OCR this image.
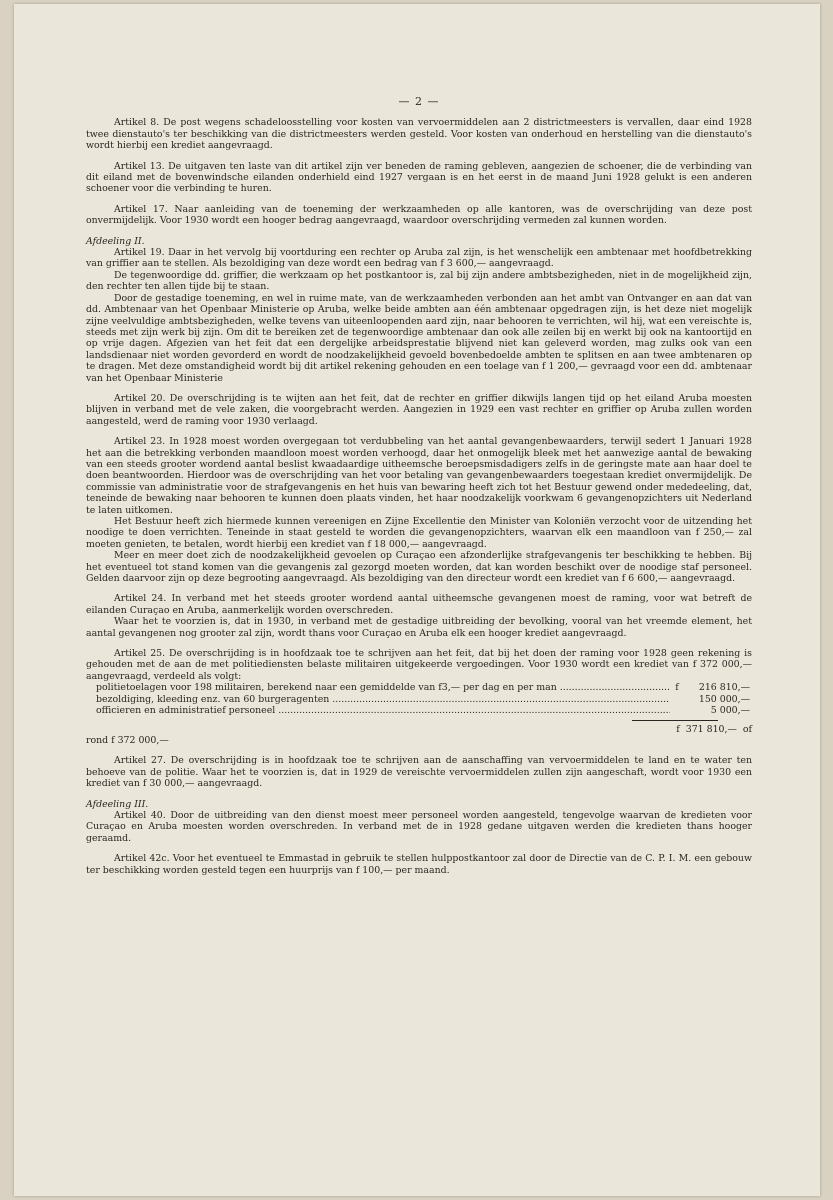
— 2 —

Artikel 8. De post wegens schadeloosstelling voor kosten van vervoermiddelen aan 2 districtmeesters is vervallen, daar eind 1928 twee dienstauto's ter beschikking van die districtmeesters werden gesteld. Voor kosten van onderhoud en herstelling van die dienstauto's wordt hierbij een krediet aangevraagd.

Artikel 13. De uitgaven ten laste van dit artikel zijn ver beneden de raming gebleven, aangezien de schoener, die de verbinding van dit eiland met de bovenwindsche eilanden onderhield eind 1927 vergaan is en het eerst in de maand Juni 1928 gelukt is een anderen schoener voor die verbinding te huren.

Artikel 17. Naar aanleiding van de toeneming der werkzaamheden op alle kantoren, was de overschrijding van deze post onvermijdelijk. Voor 1930 wordt een hooger bedrag aangevraagd, waardoor overschrijding vermeden zal kunnen worden.

Afdeeling II.

Artikel 19. Daar in het vervolg bij voortduring een rechter op Aruba zal zijn, is het wenschelijk een ambtenaar met hoofdbetrekking van griffier aan te stellen. Als bezoldiging van deze wordt een bedrag van f 3 600,— aangevraagd.

De tegenwoordige dd. griffier, die werkzaam op het postkantoor is, zal bij zijn andere ambtsbezigheden, niet in de mogelijkheid zijn, den rechter ten allen tijde bij te staan.

Door de gestadige toeneming, en wel in ruime mate, van de werkzaamheden verbonden aan het ambt van Ontvanger en aan dat van dd. Ambtenaar van het Openbaar Ministerie op Aruba, welke beide ambten aan één ambtenaar opgedragen zijn, is het deze niet mogelijk zijne veelvuldige ambtsbezigheden, welke tevens van uiteenloopenden aard zijn, naar behooren te verrichten, wil hij, wat een vereischte is, steeds met zijn werk bij zijn. Om dit te bereiken zet de tegenwoordige ambtenaar dan ook alle zeilen bij en werkt bij ook na kantoortijd en op vrije dagen. Afgezien van het feit dat een dergelijke arbeidsprestatie blijvend niet kan geleverd worden, mag zulks ook van een landsdienaar niet worden gevorderd en wordt de noodzakelijkheid gevoeld bovenbedoelde ambten te splitsen en aan twee ambtenaren op te dragen. Met deze omstandigheid wordt bij dit artikel rekening gehouden en een toelage van f 1 200,— gevraagd voor een dd. ambtenaar van het Openbaar Ministerie

Artikel 20. De overschrijding is te wijten aan het feit, dat de rechter en griffier dikwijls langen tijd op het eiland Aruba moesten blijven in verband met de vele zaken, die voorgebracht werden. Aangezien in 1929 een vast rechter en griffier op Aruba zullen worden aangesteld, werd de raming voor 1930 verlaagd.

Artikel 23. In 1928 moest worden overgegaan tot verdubbeling van het aantal gevangenbewaarders, terwijl sedert 1 Januari 1928 het aan die betrekking verbonden maandloon moest worden verhoogd, daar het onmogelijk bleek met het aanwezige aantal de bewaking van een steeds grooter wordend aantal beslist kwaadaardige uitheemsche beroepsmisdadigers zelfs in de geringste mate aan haar doel te doen beantwoorden. Hierdoor was de overschrijding van het voor betaling van gevangenbewaarders toegestaan krediet onvermijdelijk. De commissie van administratie voor de strafgevangenis en het huis van bewaring heeft zich tot het Bestuur gewend onder mededeeling, dat, teneinde de bewaking naar behooren te kunnen doen plaats vinden, het haar noodzakelijk voorkwam 6 gevangenopzichters uit Nederland te laten uitkomen.

Het Bestuur heeft zich hiermede kunnen vereenigen en Zijne Excellentie den Minister van Koloniën verzocht voor de uitzending het noodige te doen verrichten. Teneinde in staat gesteld te worden die gevangenopzichters, waarvan elk een maandloon van f 250,— zal moeten genieten, te betalen, wordt hierbij een krediet van f 18 000,— aangevraagd.

Meer en meer doet zich de noodzakelijkheid gevoelen op Curaçao een afzonderlijke strafgevangenis ter beschikking te hebben. Bij het eventueel tot stand komen van die gevangenis zal gezorgd moeten worden, dat kan worden beschikt over de noodige staf personeel. Gelden daarvoor zijn op deze begrooting aangevraagd. Als bezoldiging van den directeur wordt een krediet van f 6 600,— aangevraagd.

Artikel 24. In verband met het steeds grooter wordend aantal uitheemsche gevangenen moest de raming, voor wat betreft de eilanden Curaçao en Aruba, aanmerkelijk worden overschreden.

Waar het te voorzien is, dat in 1930, in verband met de gestadige uitbreiding der bevolking, vooral van het vreemde element, het aantal gevangenen nog grooter zal zijn, wordt thans voor Curaçao en Aruba elk een hooger krediet aangevraagd.

Artikel 25. De overschrijding is in hoofdzaak toe te schrijven aan het feit, dat bij het doen der raming voor 1928 geen rekening is gehouden met de aan de met politiediensten belaste militairen uitgekeerde vergoedingen. Voor 1930 wordt een krediet van f 372 000,— aangevraagd, verdeeld als volgt:

politietoelagen voor 198 militairen, berekend naar een gemiddelde van f3,— per dag en per man .....	f	216 810,—
bezoldiging, kleeding enz. van 60 burgeragenten .....	150 000,—
officieren en administratief personeel .....	5 000,—
f 371 810,— of

rond f 372 000,—

Artikel 27. De overschrijding is in hoofdzaak toe te schrijven aan de aanschaffing van vervoermiddelen te land en te water ten behoeve van de politie. Waar het te voorzien is, dat in 1929 de vereischte vervoermiddelen zullen zijn aangeschaft, wordt voor 1930 een krediet van f 30 000,— aangevraagd.

Afdeeling III.

Artikel 40. Door de uitbreiding van den dienst moest meer personeel worden aangesteld, tengevolge waarvan de kredieten voor Curaçao en Aruba moesten worden overschreden. In verband met de in 1928 gedane uitgaven werden die kredieten thans hooger geraamd.

Artikel 42c. Voor het eventueel te Emmastad in gebruik te stellen hulppostkantoor zal door de Directie van de C. P. I. M. een gebouw ter beschikking worden gesteld tegen een huurprijs van f 100,— per maand.
